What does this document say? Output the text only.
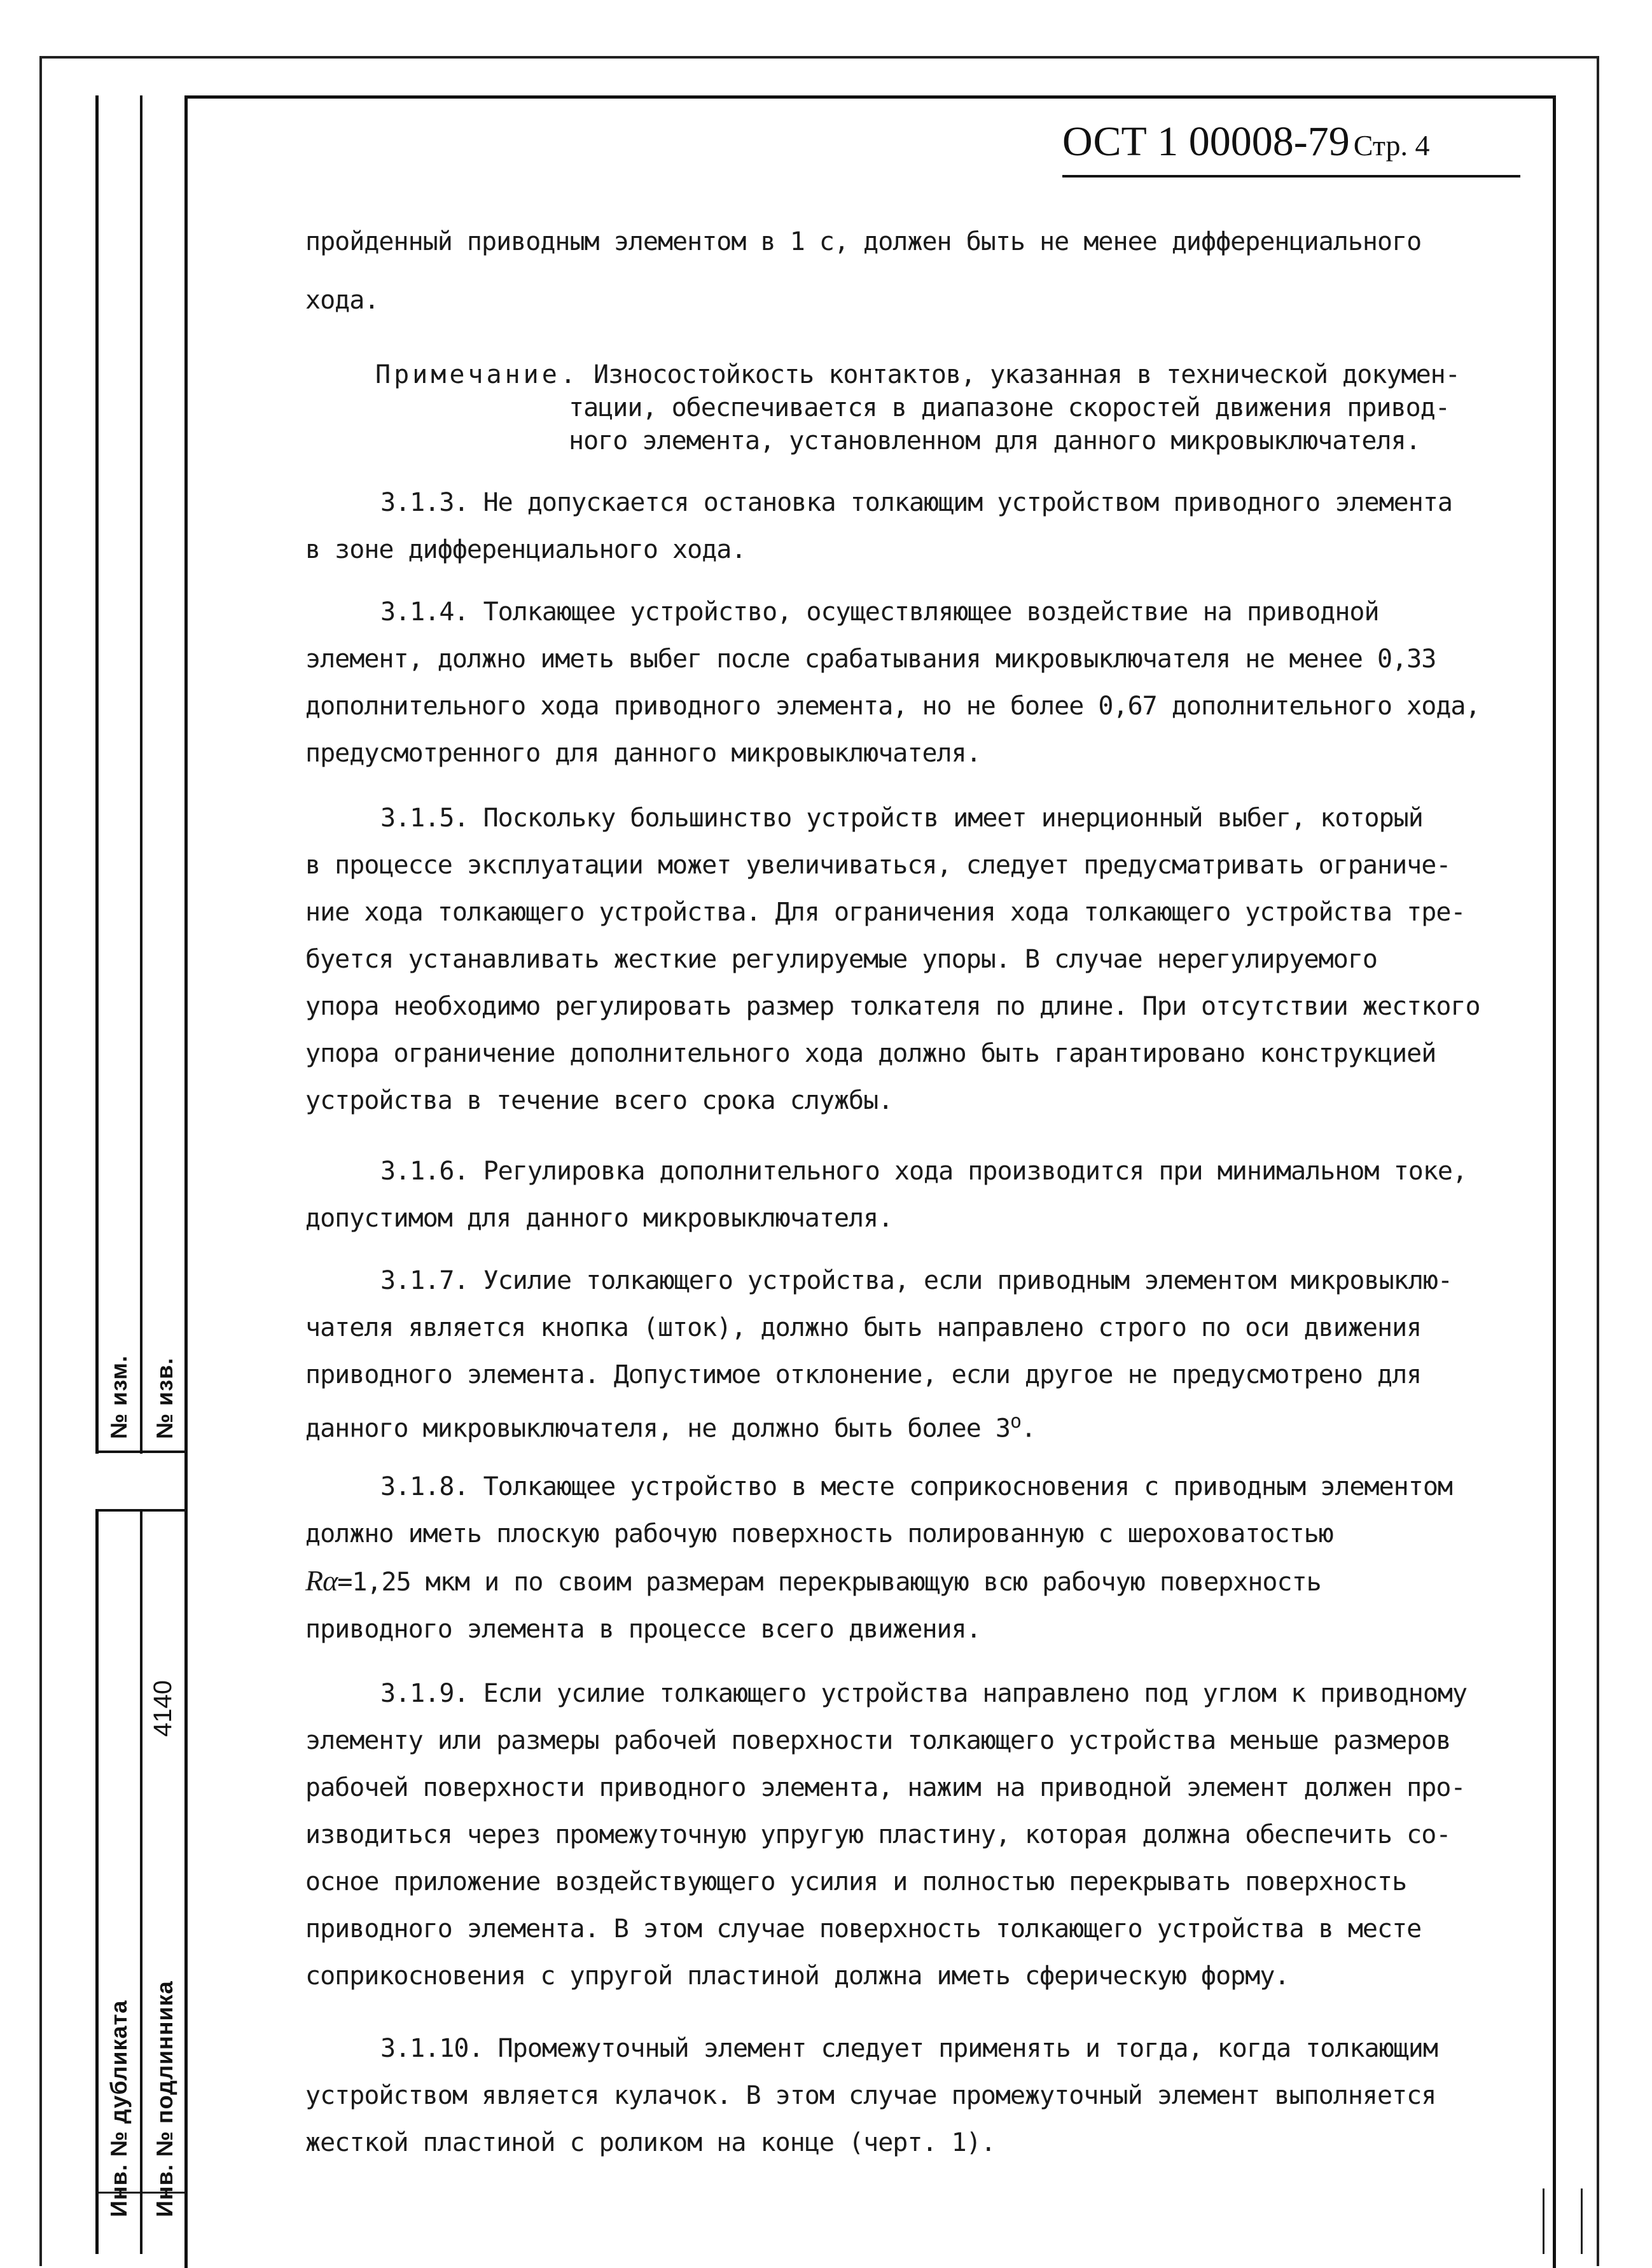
№ изм. № изв.
4140
Инв. № дубликата Инв. № подлинника
ОСТ 1 00008-79 Стр. 4
пройденный приводным элементом в 1 с, должен быть не менее дифференциального
хода.
Примечание. Износостойкость контактов, указанная в технической докумен-
тации, обеспечивается в диапазоне скоростей движения привод-
ного элемента, установленном для данного микровыключателя.
3.1.3. Не допускается остановка толкающим устройством приводного элемента
в зоне дифференциального хода.
3.1.4. Толкающее устройство, осуществляющее воздействие на приводной
элемент, должно иметь выбег после срабатывания микровыключателя не менее 0,33
дополнительного хода приводного элемента, но не более 0,67 дополнительного хода,
предусмотренного для данного микровыключателя.
3.1.5. Поскольку большинство устройств имеет инерционный выбег, который
в процессе эксплуатации может увеличиваться, следует предусматривать ограниче-
ние хода толкающего устройства. Для ограничения хода толкающего устройства тре-
буется устанавливать жесткие регулируемые упоры. В случае нерегулируемого
упора необходимо регулировать размер толкателя по длине. При отсутствии жесткого
упора ограничение дополнительного хода должно быть гарантировано конструкцией
устройства в течение всего срока службы.
3.1.6. Регулировка дополнительного хода производится при минимальном токе,
допустимом для данного микровыключателя.
3.1.7. Усилие толкающего устройства, если приводным элементом микровыклю-
чателя является кнопка (шток), должно быть направлено строго по оси движения
приводного элемента. Допустимое отклонение, если другое не предусмотрено для
данного микровыключателя, не должно быть более $3^о$.
3.1.8. Толкающее устройство в месте соприкосновения с приводным элементом
должно иметь плоскую рабочую поверхность полированную с шероховатостью
Rα=1,25 мкм и по своим размерам перекрывающую всю рабочую поверхность
приводного элемента в процессе всего движения.
3.1.9. Если усилие толкающего устройства направлено под углом к приводному
элементу или размеры рабочей поверхности толкающего устройства меньше размеров
рабочей поверхности приводного элемента, нажим на приводной элемент должен про-
изводиться через промежуточную упругую пластину, которая должна обеспечить со-
осное приложение воздействующего усилия и полностью перекрывать поверхность
приводного элемента. В этом случае поверхность толкающего устройства в месте
соприкосновения с упругой пластиной должна иметь сферическую форму.
3.1.10. Промежуточный элемент следует применять и тогда, когда толкающим
устройством является кулачок. В этом случае промежуточный элемент выполняется
жесткой пластиной с роликом на конце (черт. 1).
